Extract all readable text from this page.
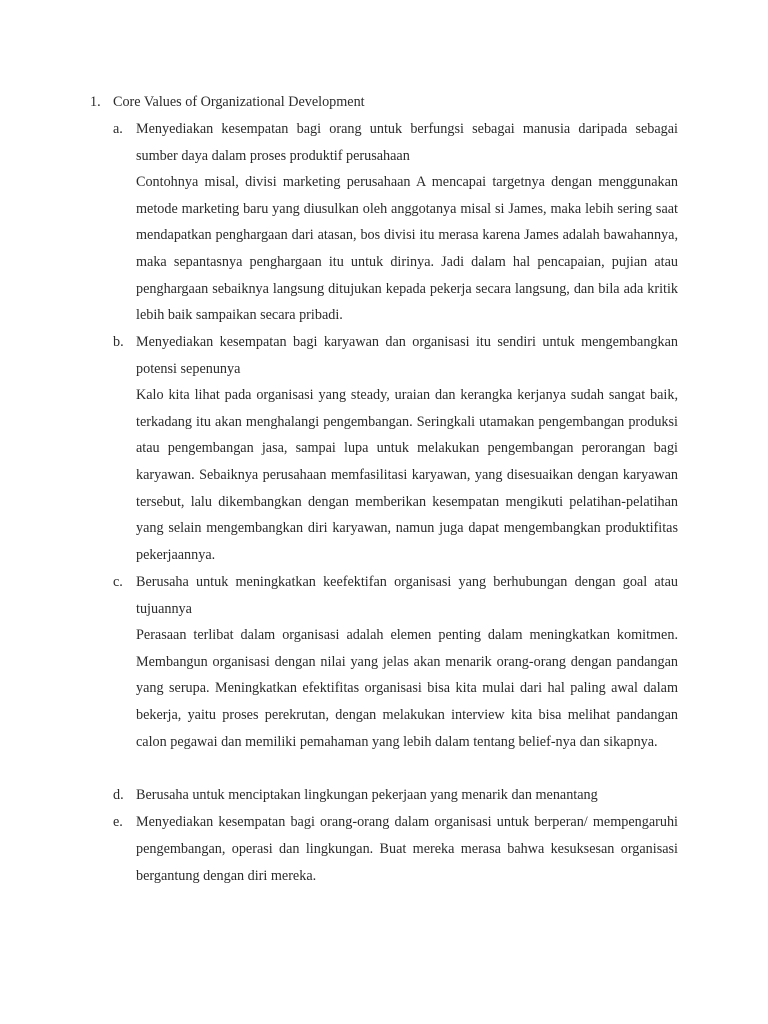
1. Core Values of Organizational Development
a. Menyediakan kesempatan bagi orang untuk berfungsi sebagai manusia daripada sebagai sumber daya dalam proses produktif perusahaan

Contohnya misal, divisi marketing perusahaan A mencapai targetnya dengan menggunakan metode marketing baru yang diusulkan oleh anggotanya misal si James, maka lebih sering saat mendapatkan penghargaan dari atasan, bos divisi itu merasa karena James adalah bawahannya, maka sepantasnya penghargaan itu untuk dirinya. Jadi dalam hal pencapaian, pujian atau penghargaan sebaiknya langsung ditujukan kepada pekerja secara langsung, dan bila ada kritik lebih baik sampaikan secara pribadi.

b. Menyediakan kesempatan bagi karyawan dan organisasi itu sendiri untuk mengembangkan potensi sepenunya

Kalo kita lihat pada organisasi yang steady, uraian dan kerangka kerjanya sudah sangat baik, terkadang itu akan menghalangi pengembangan. Seringkali utamakan pengembangan produksi atau pengembangan jasa, sampai lupa untuk melakukan pengembangan perorangan bagi karyawan. Sebaiknya perusahaan memfasilitasi karyawan, yang disesuaikan dengan karyawan tersebut, lalu dikembangkan dengan memberikan kesempatan mengikuti pelatihan-pelatihan yang selain mengembangkan diri karyawan, namun juga dapat mengembangkan produktifitas pekerjaannya.

c. Berusaha untuk meningkatkan keefektifan organisasi yang berhubungan dengan goal atau tujuannya

Perasaan terlibat dalam organisasi adalah elemen penting dalam meningkatkan komitmen. Membangun organisasi dengan nilai yang jelas akan menarik orang-orang dengan pandangan yang serupa. Meningkatkan efektifitas organisasi bisa kita mulai dari hal paling awal dalam bekerja, yaitu proses perekrutan, dengan melakukan interview kita bisa melihat pandangan calon pegawai dan memiliki pemahaman yang lebih dalam tentang belief-nya dan sikapnya.

d. Berusaha untuk menciptakan lingkungan pekerjaan yang menarik dan menantang

e. Menyediakan kesempatan bagi orang-orang dalam organisasi untuk berperan/ mempengaruhi pengembangan, operasi dan lingkungan. Buat mereka merasa bahwa kesuksesan organisasi bergantung dengan diri mereka.
